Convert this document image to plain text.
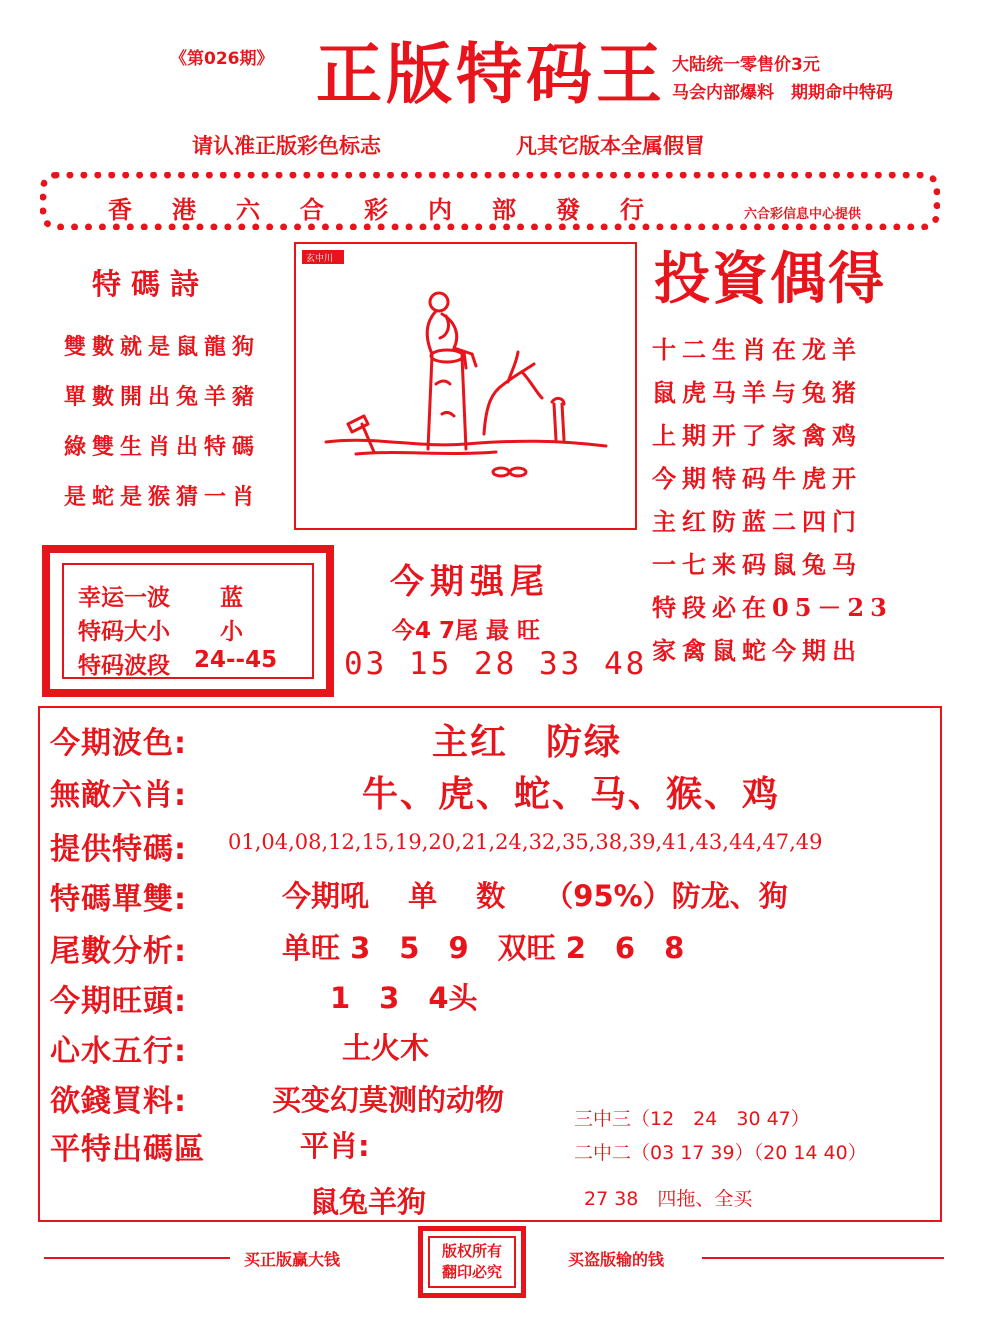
《第026期》 正版特码王 大陆统一零售价3元
马会内部爆料　期期命中特码
请认准正版彩色标志	凡其它版本全属假冒
香港六合彩内部發行	六合彩信息中心提供
特碼詩
雙數就是鼠龍狗
單數開出兔羊豬
綠雙生肖出特碼
是蛇是猴猜一肖
玄中川	投資偶得
十二生肖在龙羊
鼠虎马羊与兔猪
上期开了家禽鸡
今期特码牛虎开
主红防蓝二四门
一七来码鼠兔马
特段必在05－23
家禽鼠蛇今期出
幸运一波 蓝
特码大小 小
特码波段 24--45
今期强尾
今4 7尾 最 旺
03 15 28 33 48
今期波色:	主红　防绿
無敵六肖:	牛、虎、蛇、马、猴、鸡
提供特碼: 01,04,08,12,15,19,20,21,24,32,35,38,39,41,43,44,47,49
特碼單雙:	今期吼　 单　 数　 （95%）防龙、狗
尾數分析:	单旺 3　5　9　双旺 2　6　8
今期旺頭:	1　3　4头
心水五行:	土火木
欲錢買料:	买变幻莫测的动物
平特出碼區	平肖:
鼠兔羊狗
三中三（12　24　30 47）
二中二（03 17 39）（20 14 40）
27 38　四拖、全买
买正版赢大钱	版权所有
翻印必究
买盗版输的钱
